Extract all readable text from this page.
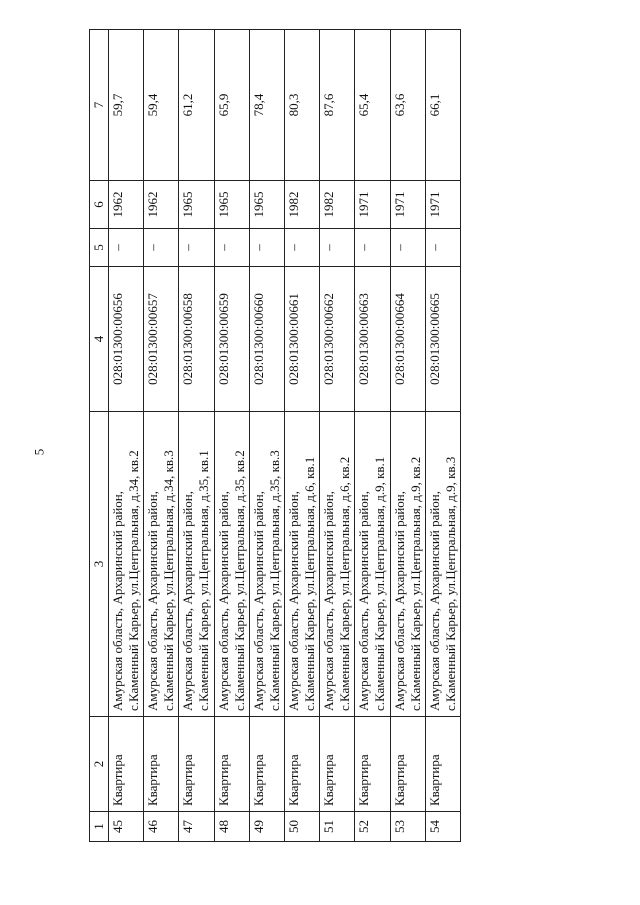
5
1	2	3	4	5	6	7
45	Квартира	Амурская область, Архаринский район, с.Каменный Карьер, ул.Центральная, д.34, кв.2	028:01300:00656	–	1962	59,7
46	Квартира	Амурская область, Архаринский район, с.Каменный Карьер, ул.Центральная, д.34, кв.3	028:01300:00657	–	1962	59,4
47	Квартира	Амурская область, Архаринский район, с.Каменный Карьер, ул.Центральная, д.35, кв.1	028:01300:00658	–	1965	61,2
48	Квартира	Амурская область, Архаринский район, с.Каменный Карьер, ул.Центральная, д.35, кв.2	028:01300:00659	–	1965	65,9
49	Квартира	Амурская область, Архаринский район, с.Каменный Карьер, ул.Центральная, д.35, кв.3	028:01300:00660	–	1965	78,4
50	Квартира	Амурская область, Архаринский район, с.Каменный Карьер, ул.Центральная, д.6, кв.1	028:01300:00661	–	1982	80,3
51	Квартира	Амурская область, Архаринский район, с.Каменный Карьер, ул.Центральная, д.6, кв.2	028:01300:00662	–	1982	87,6
52	Квартира	Амурская область, Архаринский район, с.Каменный Карьер, ул.Центральная, д.9, кв.1	028:01300:00663	–	1971	65,4
53	Квартира	Амурская область, Архаринский район, с.Каменный Карьер, ул.Центральная, д.9, кв.2	028:01300:00664	–	1971	63,6
54	Квартира	Амурская область, Архаринский район, с.Каменный Карьер, ул.Центральная, д.9, кв.3	028:01300:00665	–	1971	66,1
